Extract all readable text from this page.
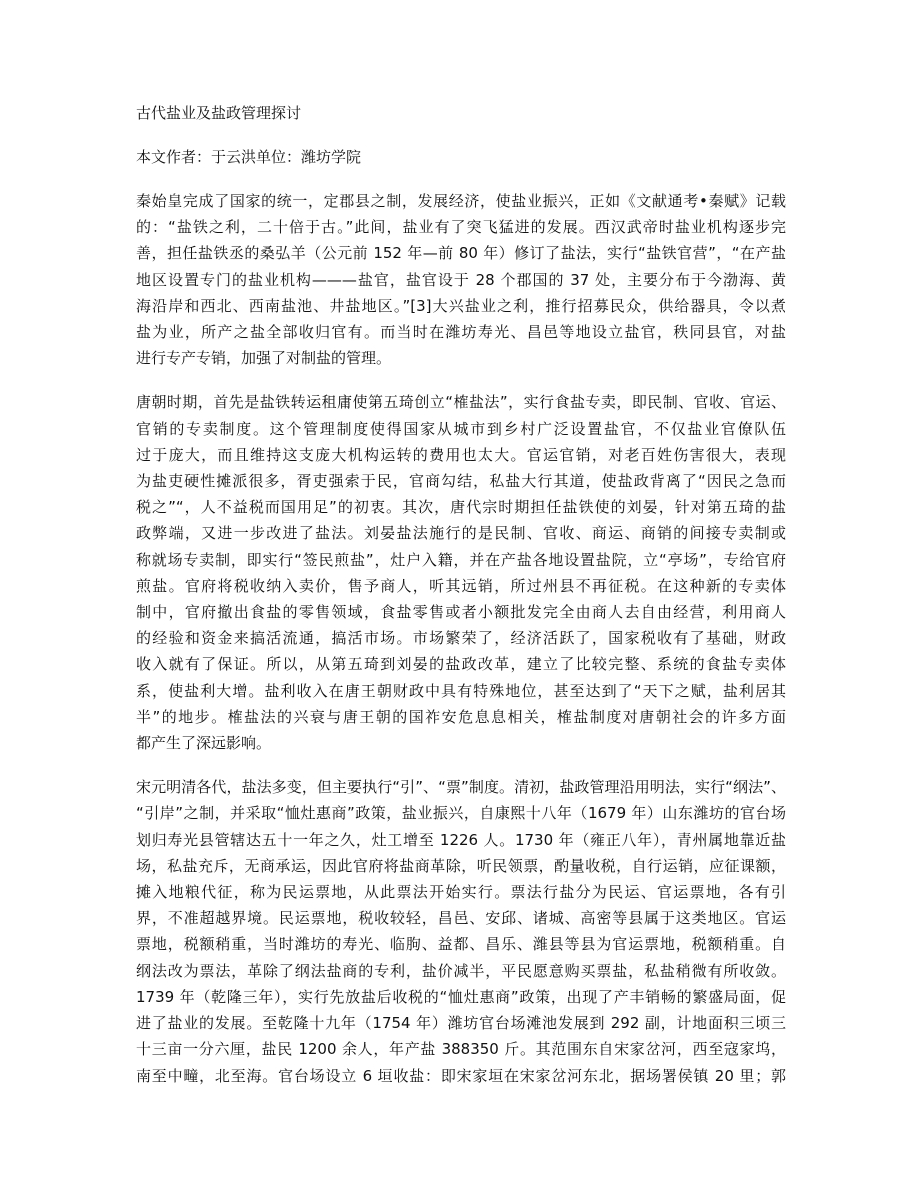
古代盐业及盐政管理探讨
本文作者：于云洪单位：潍坊学院
秦始皇完成了国家的统一，定郡县之制，发展经济，使盐业振兴，正如《文献通考•秦赋》记载
的：“盐铁之利，二十倍于古。”此间，盐业有了突飞猛进的发展。西汉武帝时盐业机构逐步完
善，担任盐铁丞的桑弘羊（公元前 152 年—前 80 年）修订了盐法，实行“盐铁官营”，“在产盐
地区设置专门的盐业机构———盐官，盐官设于 28 个郡国的 37 处，主要分布于今渤海、黄
海沿岸和西北、西南盐池、井盐地区。”[3]大兴盐业之利，推行招募民众，供给器具，令以煮
盐为业，所产之盐全部收归官有。而当时在潍坊寿光、昌邑等地设立盐官，秩同县官，对盐
进行专产专销，加强了对制盐的管理。
唐朝时期，首先是盐铁转运租庸使第五琦创立“榷盐法”，实行食盐专卖，即民制、官收、官运、
官销的专卖制度。这个管理制度使得国家从城市到乡村广泛设置盐官，不仅盐业官僚队伍
过于庞大，而且维持这支庞大机构运转的费用也太大。官运官销，对老百姓伤害很大，表现
为盐吏硬性摊派很多，胥吏强索于民，官商勾结，私盐大行其道，使盐政背离了“因民之急而
税之”“，人不益税而国用足”的初衷。其次，唐代宗时期担任盐铁使的刘晏，针对第五琦的盐
政弊端，又进一步改进了盐法。刘晏盐法施行的是民制、官收、商运、商销的间接专卖制或
称就场专卖制，即实行“签民煎盐”，灶户入籍，并在产盐各地设置盐院，立“亭场”，专给官府
煎盐。官府将税收纳入卖价，售予商人，听其远销，所过州县不再征税。在这种新的专卖体
制中，官府撤出食盐的零售领域，食盐零售或者小额批发完全由商人去自由经营，利用商人
的经验和资金来搞活流通，搞活市场。市场繁荣了，经济活跃了，国家税收有了基础，财政
收入就有了保证。所以，从第五琦到刘晏的盐政改革，建立了比较完整、系统的食盐专卖体
系，使盐利大增。盐利收入在唐王朝财政中具有特殊地位，甚至达到了“天下之赋，盐利居其
半”的地步。榷盐法的兴衰与唐王朝的国祚安危息息相关，榷盐制度对唐朝社会的许多方面
都产生了深远影响。
宋元明清各代，盐法多变，但主要执行“引”、“票”制度。清初，盐政管理沿用明法，实行“纲法”、
“引岸”之制，并采取“恤灶惠商”政策，盐业振兴，自康熙十八年（1679 年）山东潍坊的官台场
划归寿光县管辖达五十一年之久，灶工增至 1226 人。1730 年（雍正八年），青州属地靠近盐
场，私盐充斥，无商承运，因此官府将盐商革除，听民领票，酌量收税，自行运销，应征课额，
摊入地粮代征，称为民运票地，从此票法开始实行。票法行盐分为民运、官运票地，各有引
界，不准超越界境。民运票地，税收较轻，昌邑、安邱、诸城、高密等县属于这类地区。官运
票地，税额稍重，当时潍坊的寿光、临朐、益都、昌乐、潍县等县为官运票地，税额稍重。自
纲法改为票法，革除了纲法盐商的专利，盐价减半，平民愿意购买票盐，私盐稍微有所收敛。
1739 年（乾隆三年），实行先放盐后收税的“恤灶惠商”政策，出现了产丰销畅的繁盛局面，促
进了盐业的发展。至乾隆十九年（1754 年）潍坊官台场滩池发展到 292 副，计地面积三顷三
十三亩一分六厘，盐民 1200 余人，年产盐 388350 斤。其范围东自宋家岔河，西至寇家坞，
南至中疃，北至海。官台场设立 6 垣收盐：即宋家垣在宋家岔河东北，据场署侯镇 20 里；郭
